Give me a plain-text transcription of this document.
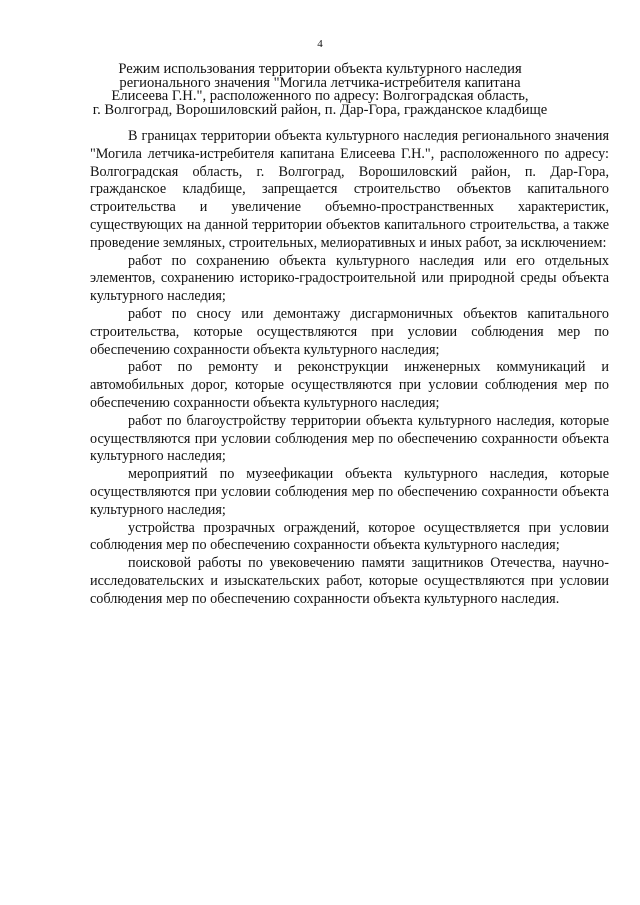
4
Режим использования территории объекта культурного наследия
регионального значения "Могила летчика-истребителя капитана
Елисеева Г.Н.", расположенного по адресу: Волгоградская область,
г. Волгоград, Ворошиловский район, п. Дар-Гора, гражданское кладбище

В границах территории объекта культурного наследия регионального значения "Могила летчика-истребителя капитана Елисеева Г.Н.", расположенного по адресу: Волгоградская область, г. Волгоград, Ворошиловский район, п. Дар-Гора, гражданское кладбище, запрещается строительство объектов капитального строительства и увеличение объемно-пространственных характеристик, существующих на данной территории объектов капитального строительства, а также проведение земляных, строительных, мелиоративных и иных работ, за исключением:

работ по сохранению объекта культурного наследия или его отдельных элементов, сохранению историко-градостроительной или природной среды объекта культурного наследия;

работ по сносу или демонтажу дисгармоничных объектов капитального строительства, которые осуществляются при условии соблюдения мер по обеспечению сохранности объекта культурного наследия;

работ по ремонту и реконструкции инженерных коммуникаций и автомобильных дорог, которые осуществляются при условии соблюдения мер по обеспечению сохранности объекта культурного наследия;

работ по благоустройству территории объекта культурного наследия, которые осуществляются при условии соблюдения мер по обеспечению сохранности объекта культурного наследия;

мероприятий по музеефикации объекта культурного наследия, которые осуществляются при условии соблюдения мер по обеспечению сохранности объекта культурного наследия;

устройства прозрачных ограждений, которое осуществляется при условии соблюдения мер по обеспечению сохранности объекта культурного наследия;

поисковой работы по увековечению памяти защитников Отечества, научно-исследовательских и изыскательских работ, которые осуществляются при условии соблюдения мер по обеспечению сохранности объекта культурного наследия.
